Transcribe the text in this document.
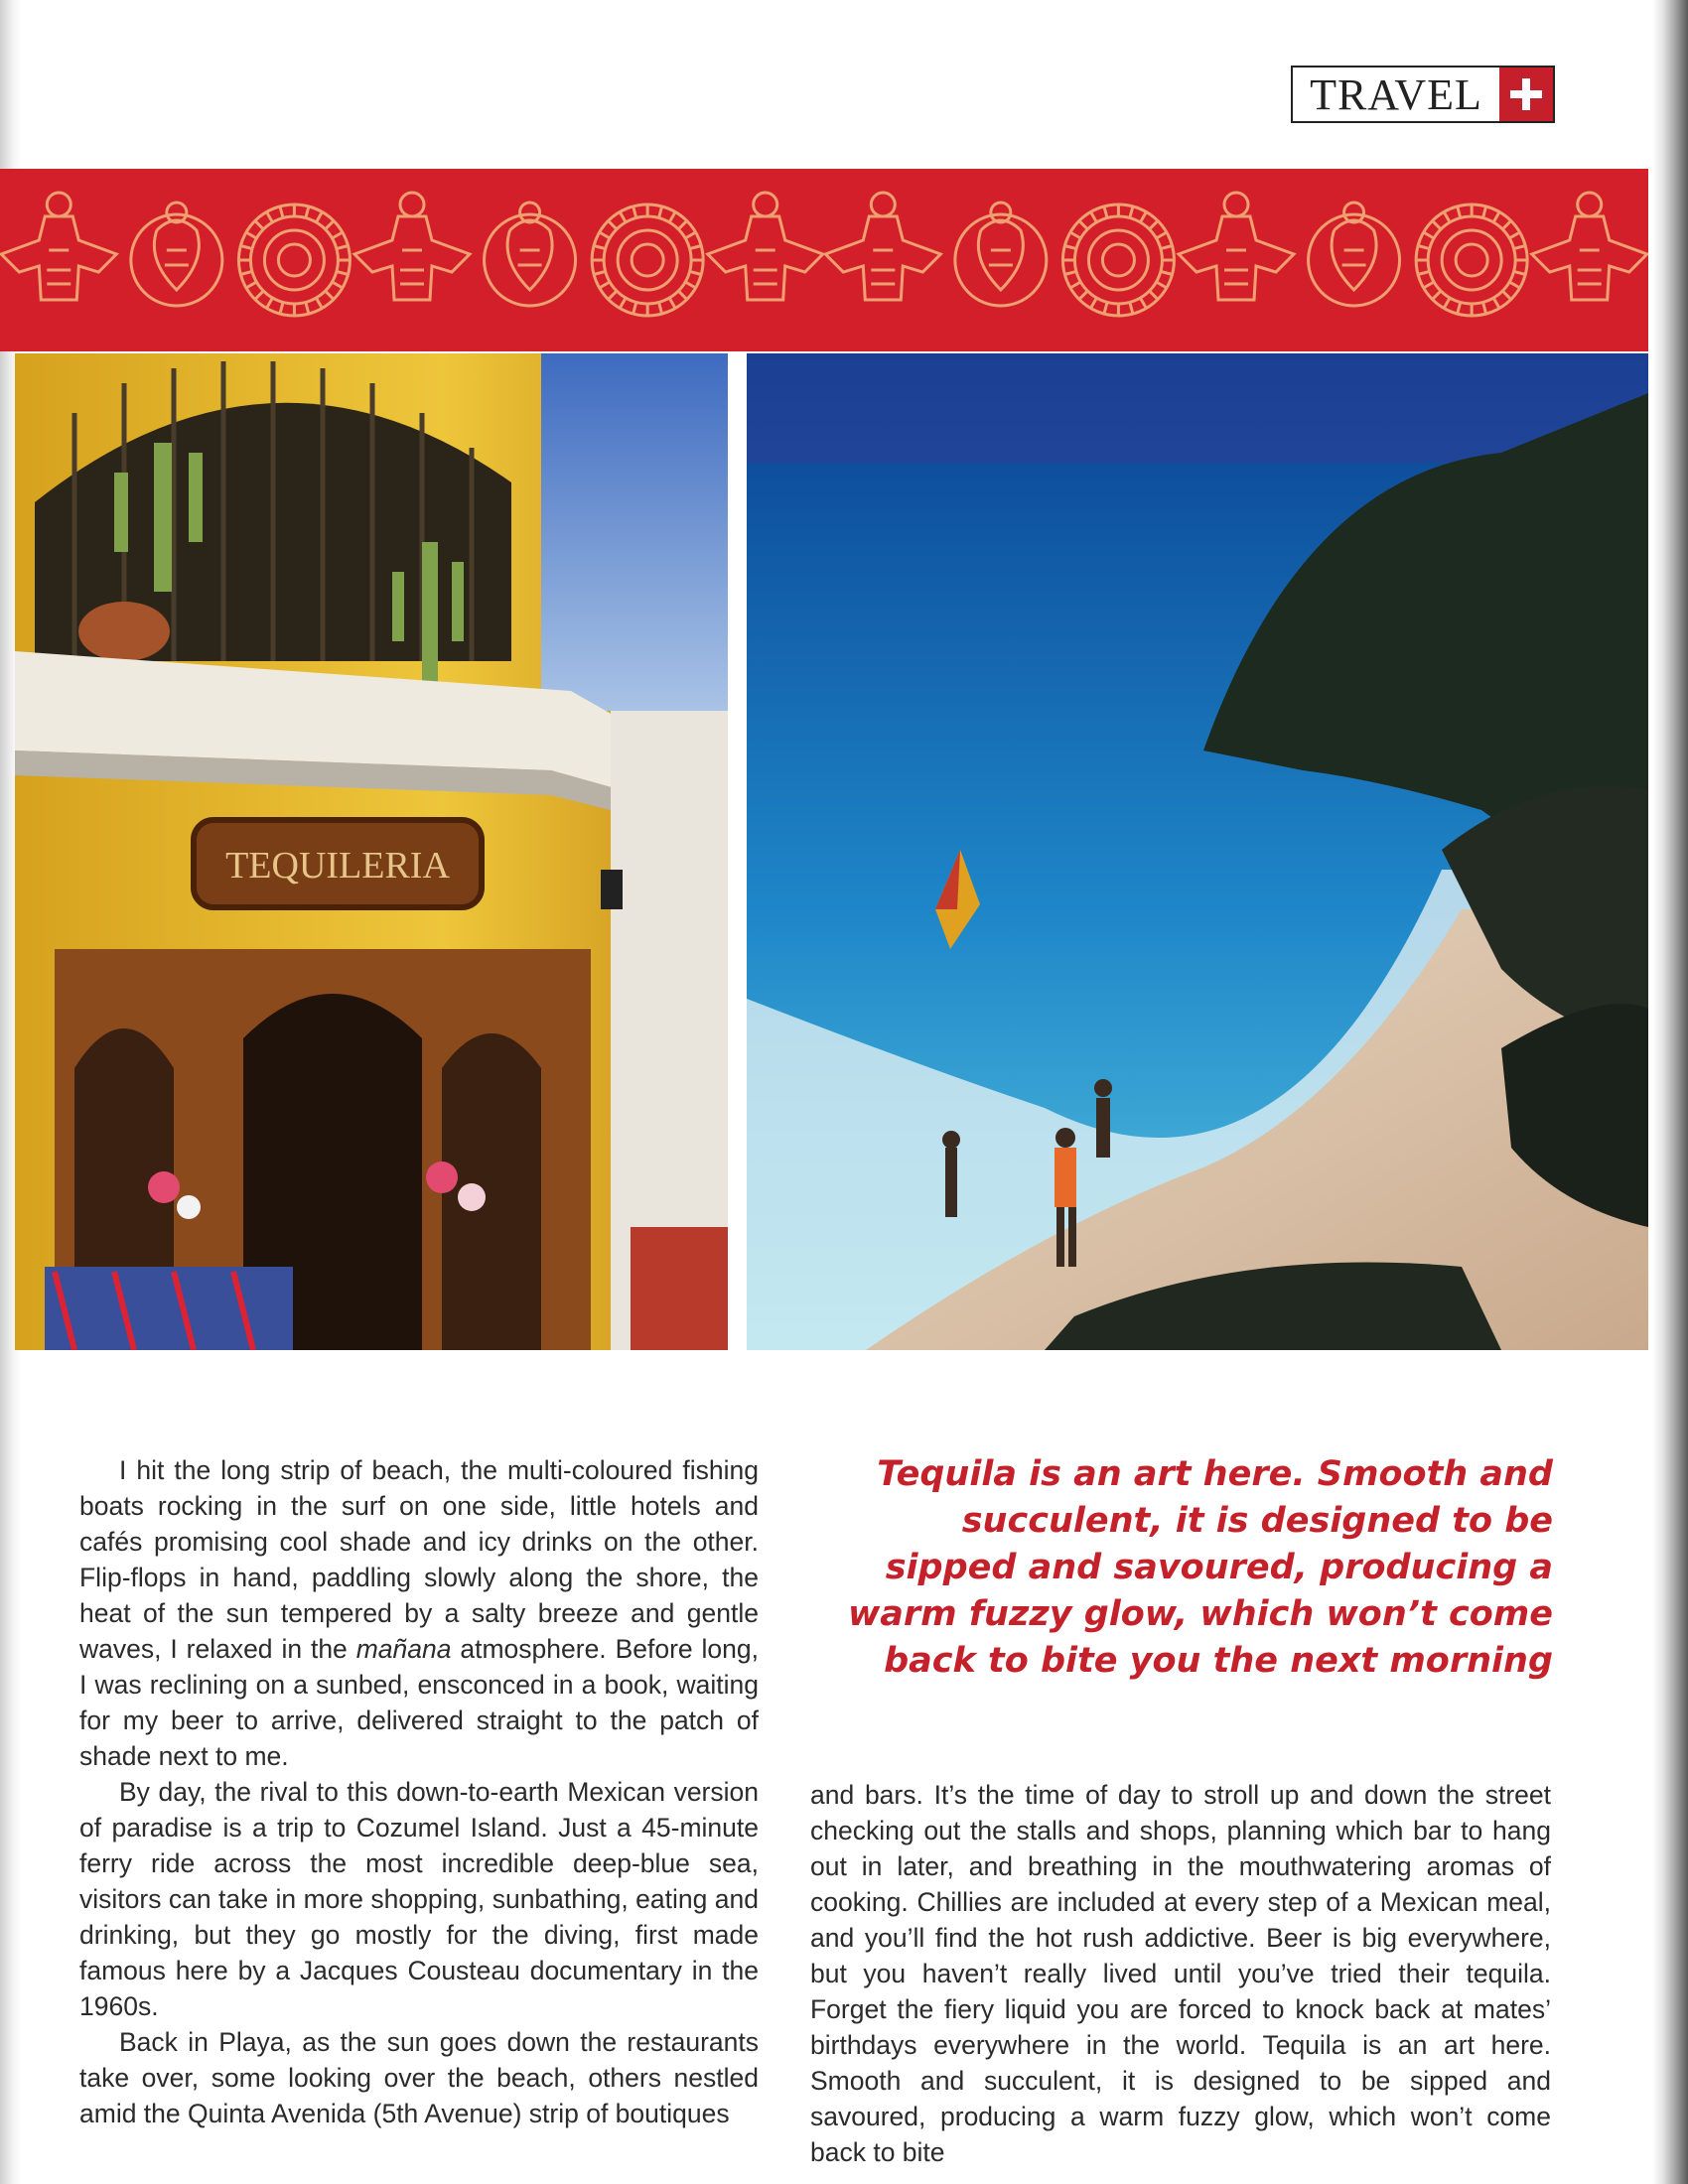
TRAVEL
TEQUILERIA

I hit the long strip of beach, the multi-coloured fishing boats rocking in the surf on one side, little hotels and cafés promising cool shade and icy drinks on the other. Flip-flops in hand, paddling slowly along the shore, the heat of the sun tempered by a salty breeze and gentle waves, I relaxed in the mañana atmosphere. Before long, I was reclining on a sunbed, ensconced in a book, waiting for my beer to arrive, delivered straight to the patch of shade next to me.

By day, the rival to this down-to-earth Mexican version of paradise is a trip to Cozumel Island. Just a 45-minute ferry ride across the most incredible deep-blue sea, visitors can take in more shopping, sunbathing, eating and drinking, but they go mostly for the diving, first made famous here by a Jacques Cousteau documentary in the 1960s.

Back in Playa, as the sun goes down the restaurants take over, some looking over the beach, others nestled amid the Quinta Avenida (5th Avenue) strip of boutiques

Tequila is an art here. Smooth and succulent, it is designed to be sipped and savoured, producing a warm fuzzy glow, which won’t come back to bite you the next morning

and bars. It’s the time of day to stroll up and down the street checking out the stalls and shops, planning which bar to hang out in later, and breathing in the mouthwatering aromas of cooking. Chillies are included at every step of a Mexican meal, and you’ll find the hot rush addictive. Beer is big everywhere, but you haven’t really lived until you’ve tried their tequila. Forget the fiery liquid you are forced to knock back at mates’ birthdays everywhere in the world. Tequila is an art here. Smooth and succulent, it is designed to be sipped and savoured, producing a warm fuzzy glow, which won’t come back to bite
